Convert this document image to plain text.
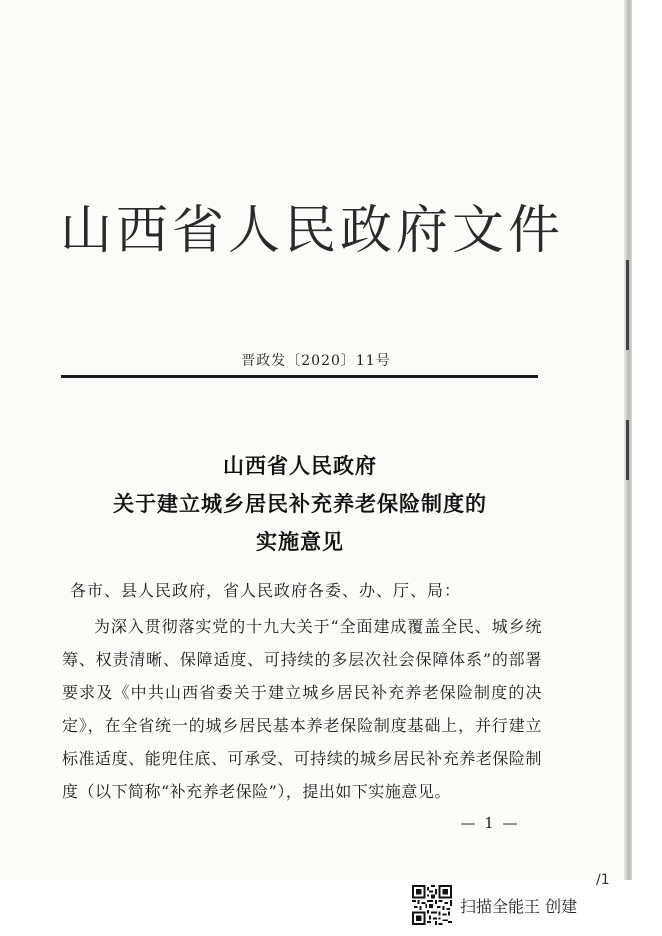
山西省人民政府文件
晋政发〔2020〕11号
山西省人民政府
关于建立城乡居民补充养老保险制度的
实施意见
各市、县人民政府，省人民政府各委、办、厅、局：

为深入贯彻落实党的十九大关于“全面建成覆盖全民、城乡统筹、权责清晰、保障适度、可持续的多层次社会保障体系”的部署要求及《中共山西省委关于建立城乡居民补充养老保险制度的决定》，在全省统一的城乡居民基本养老保险制度基础上，并行建立标准适度、能兜住底、可承受、可持续的城乡居民补充养老保险制度（以下简称“补充养老保险”），提出如下实施意见。

— 1 —
/1
扫描全能王 创建
